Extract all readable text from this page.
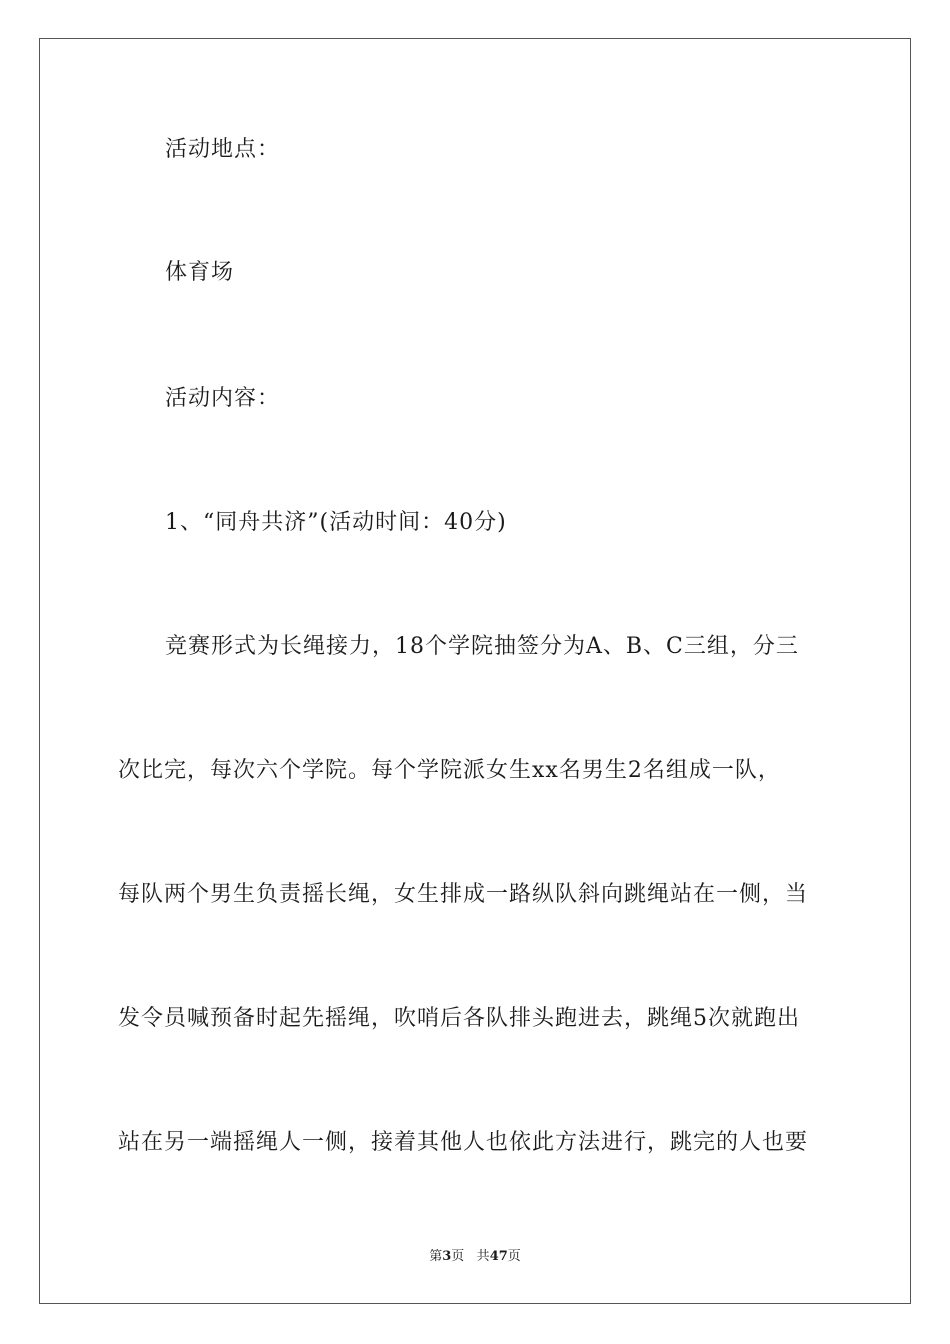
活动地点：
体育场
活动内容：
1、“同舟共济”(活动时间：40分)
竞赛形式为长绳接力，18个学院抽签分为A、B、C三组，分三
次比完，每次六个学院。每个学院派女生xx名男生2名组成一队，
每队两个男生负责摇长绳，女生排成一路纵队斜向跳绳站在一侧，当
发令员喊预备时起先摇绳，吹哨后各队排头跑进去，跳绳5次就跑出
站在另一端摇绳人一侧，接着其他人也依此方法进行，跳完的人也要
第3页 共47页
